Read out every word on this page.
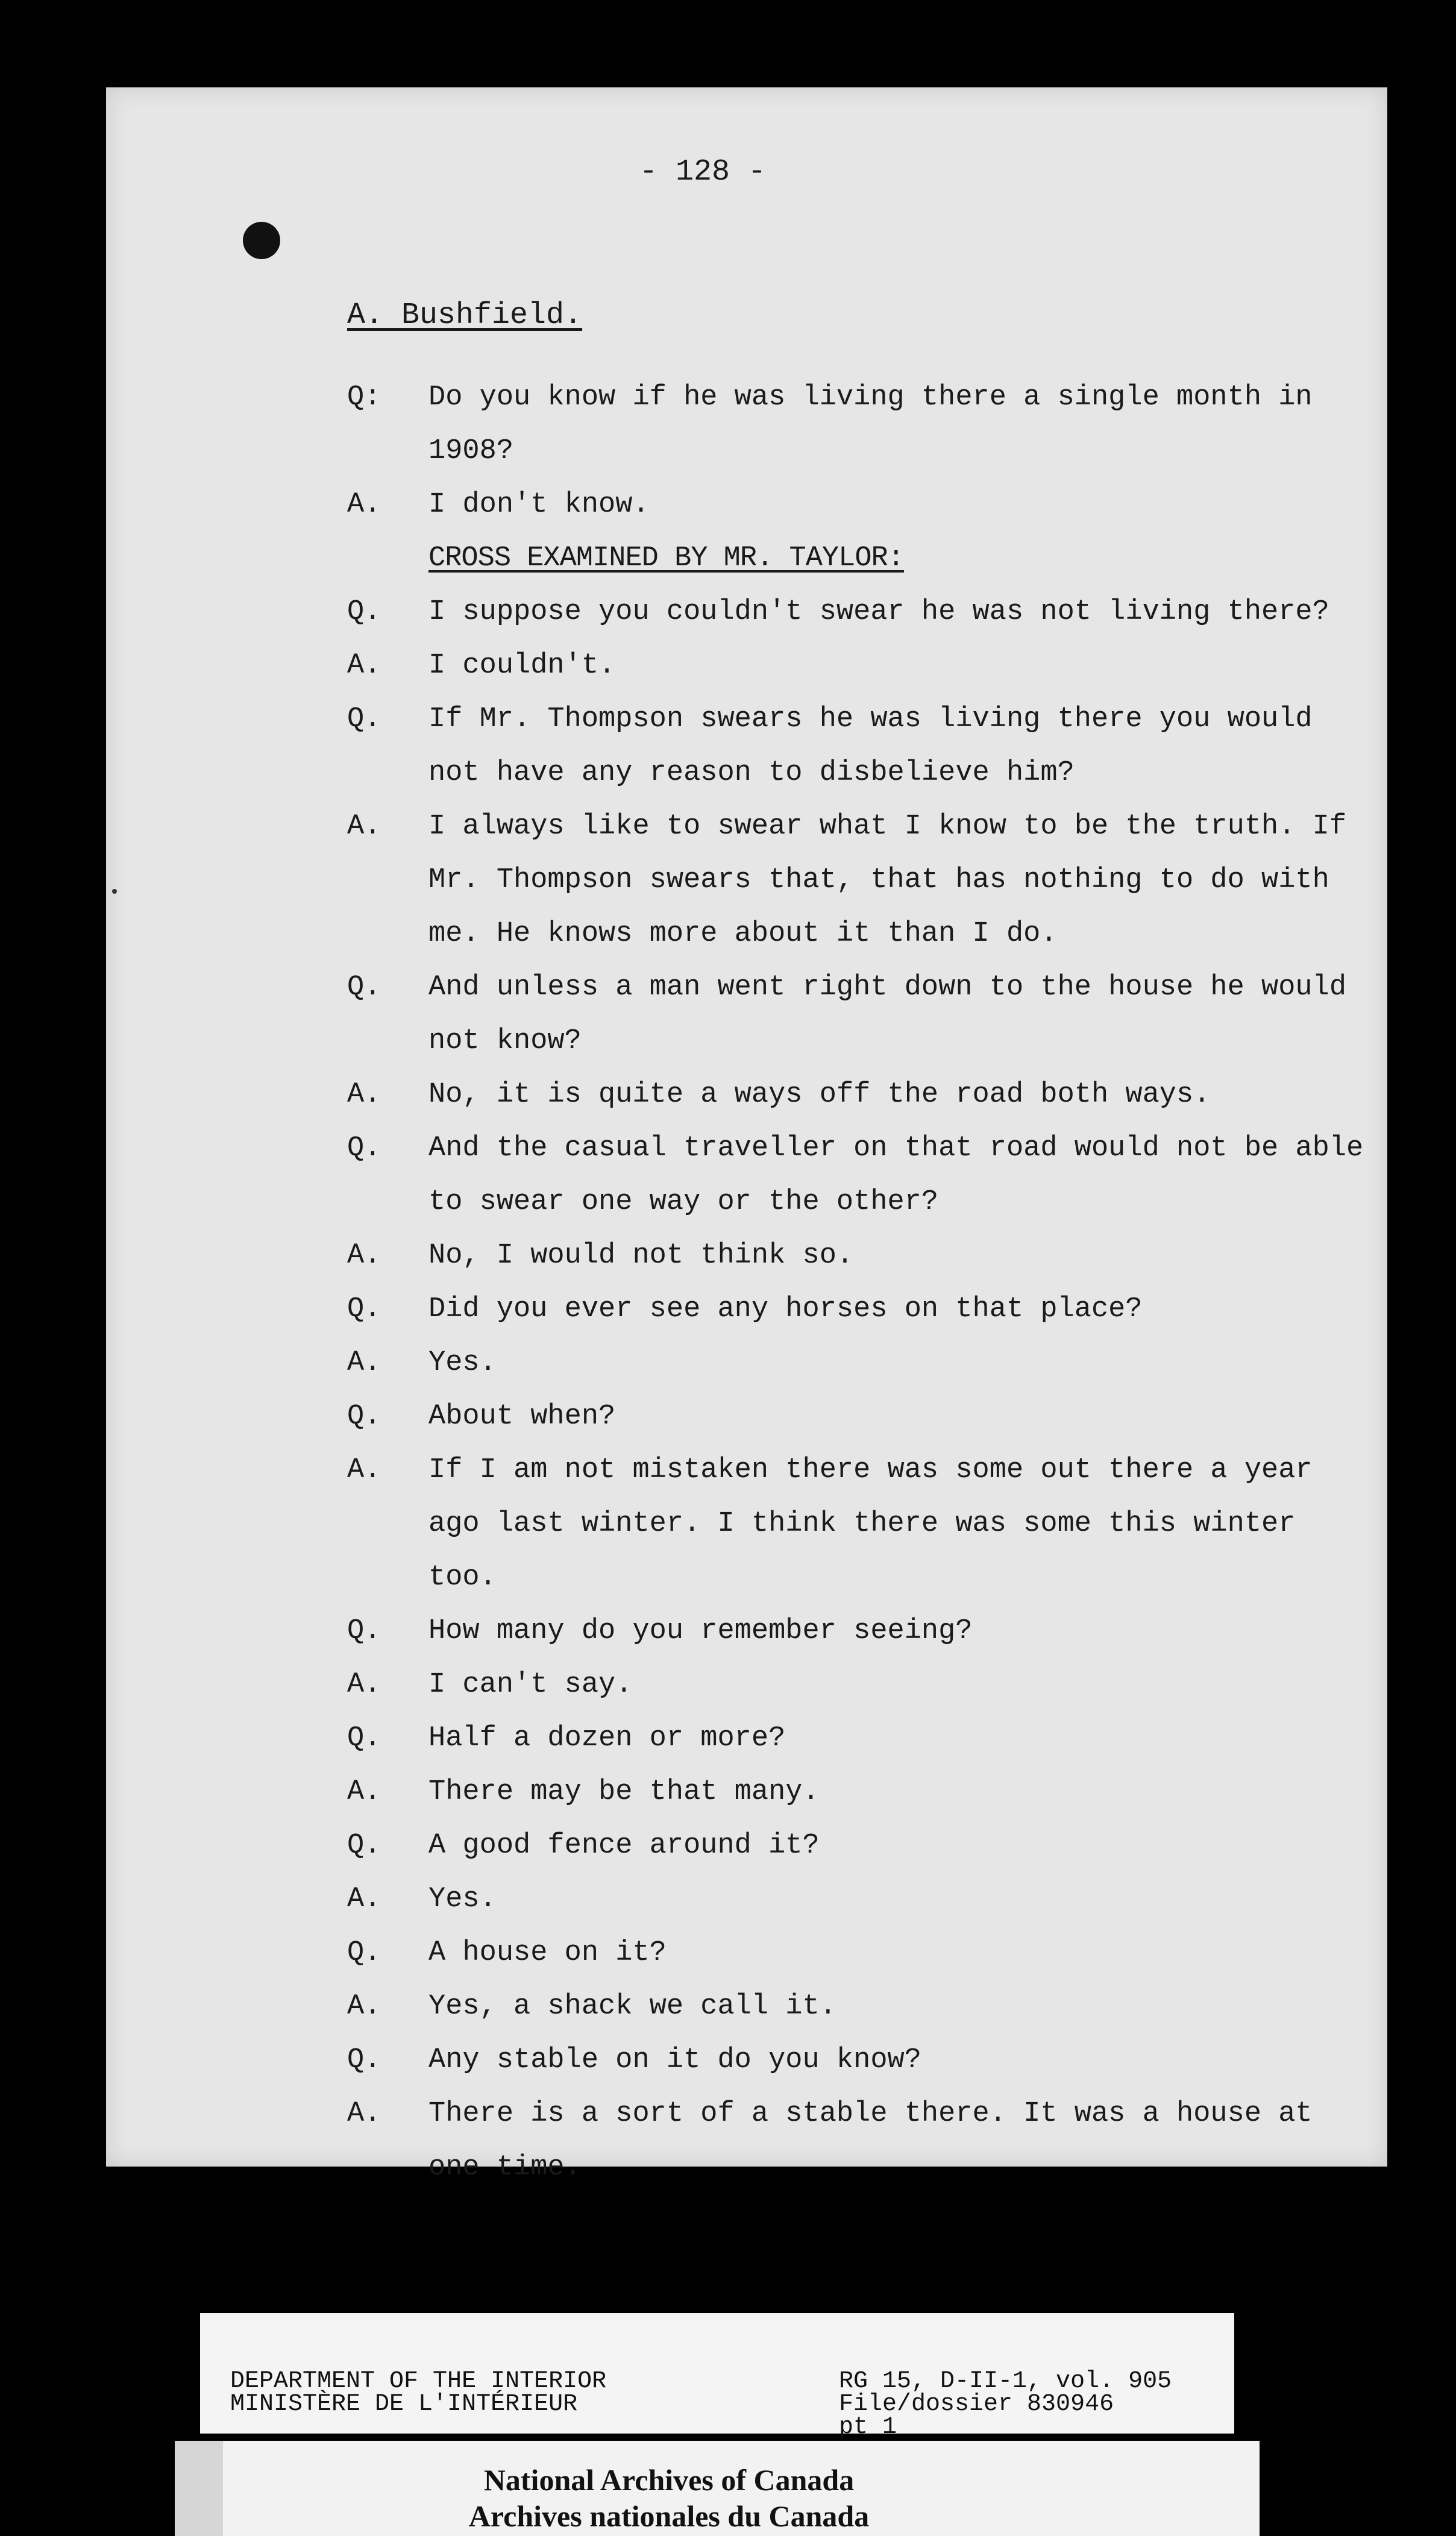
- 128 -
A. Bushfield.
Q:	Do you know if he was living there a single month in 1908?
A.	I don't know.
CROSS EXAMINED BY MR. TAYLOR:
Q.	I suppose you couldn't swear he was not living there?
A.	I couldn't.
Q.	If Mr. Thompson swears he was living there you would not have any reason to disbelieve him?
A.	I always like to swear what I know to be the truth. If Mr. Thompson swears that, that has nothing to do with me. He knows more about it than I do.
Q.	And unless a man went right down to the house he would not know?
A.	No, it is quite a ways off the road both ways.
Q.	And the casual traveller on that road would not be able to swear one way or the other?
A.	No, I would not think so.
Q.	Did you ever see any horses on that place?
A.	Yes.
Q.	About when?
A.	If I am not mistaken there was some out there a year ago last winter. I think there was some this winter too.
Q.	How many do you remember seeing?
A.	I can't say.
Q.	Half a dozen or more?
A.	There may be that many.
Q.	A good fence around it?
A.	Yes.
Q.	A house on it?
A.	Yes, a shack we call it.
Q.	Any stable on it do you know?
A.	There is a sort of a stable there. It was a house at one time.
DEPARTMENT OF THE INTERIOR
MINISTÈRE DE L'INTÉRIEUR
RG 15, D-II-1, vol. 905
File/dossier 830946
pt 1
National Archives of Canada
Archives nationales du Canada
